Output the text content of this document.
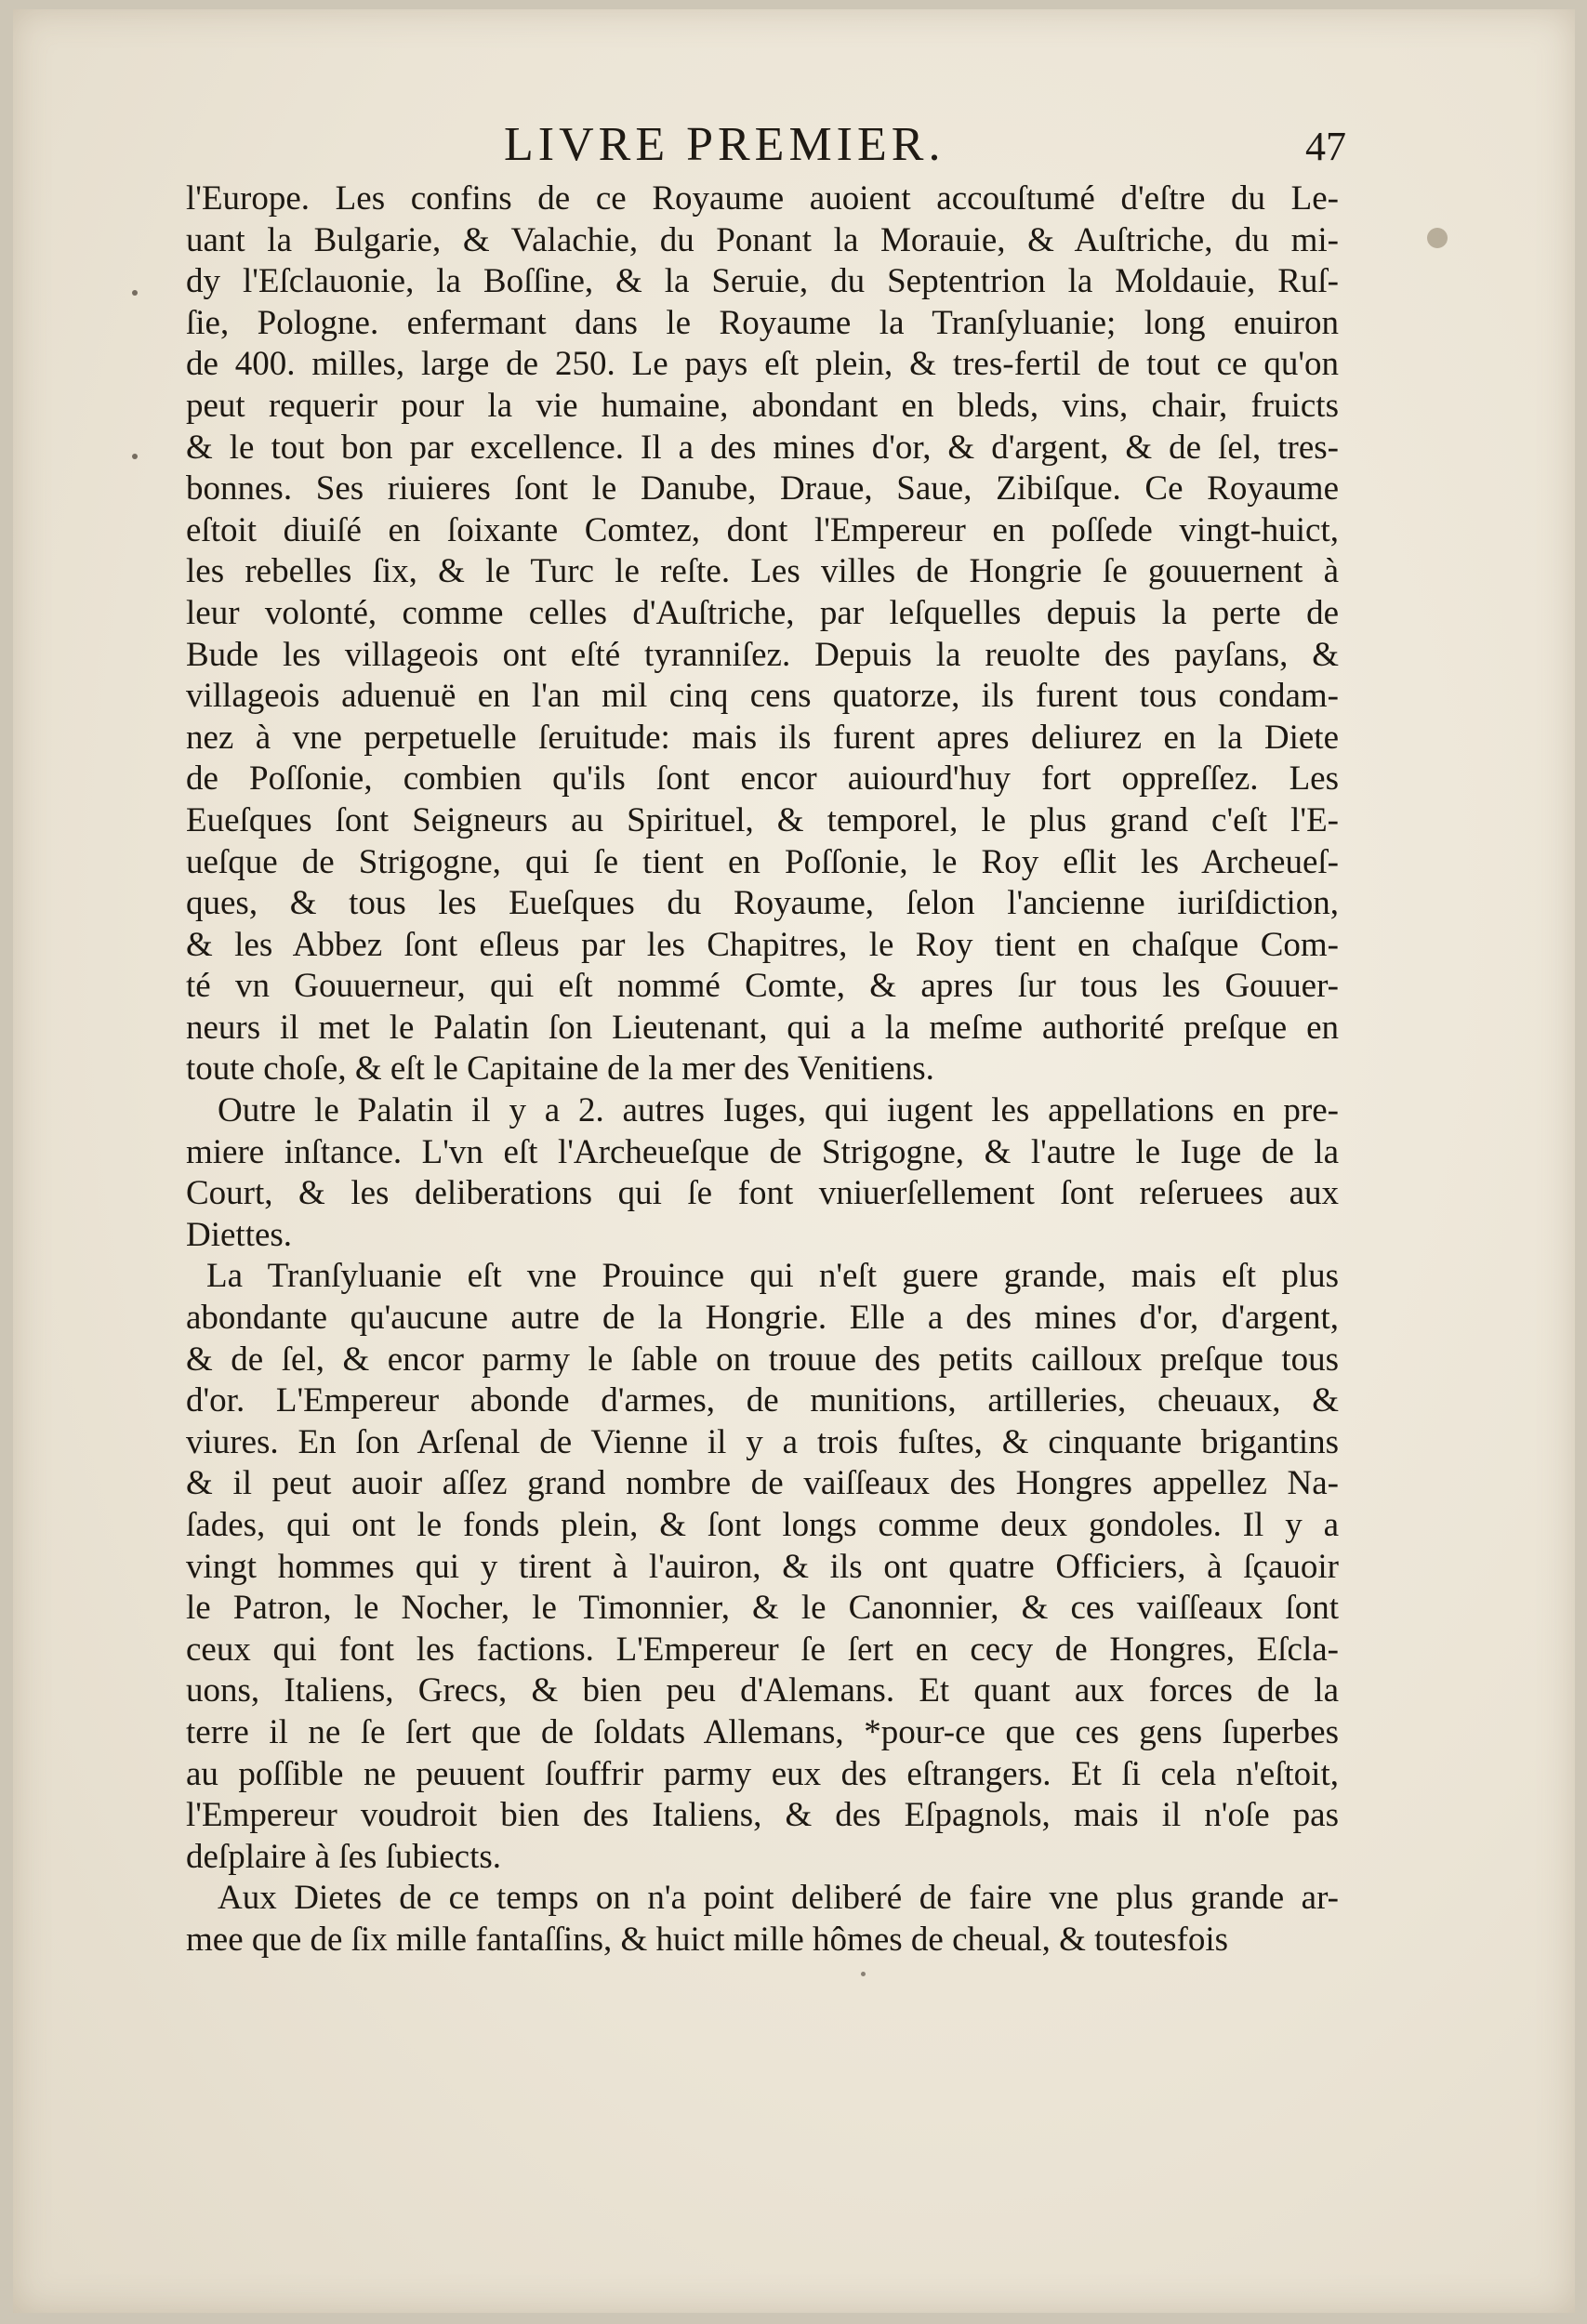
LIVRE PREMIER.	47
l'Europe. Les confins de ce Royaume auoient accouſtumé d'eſtre du Le-
uant la Bulgarie, & Valachie, du Ponant la Morauie, & Auſtriche, du mi-
dy l'Eſclauonie, la Boſſine, & la Seruie, du Septentrion la Moldauie, Ruſ-
ſie, Pologne. enfermant dans le Royaume la Tranſyluanie; long enuiron
de 400. milles, large de 250. Le pays eſt plein, & tres-fertil de tout ce qu'on
peut requerir pour la vie humaine, abondant en bleds, vins, chair, fruicts
& le tout bon par excellence. Il a des mines d'or, & d'argent, & de ſel, tres-
bonnes. Ses riuieres ſont le Danube, Draue, Saue, Zibiſque. Ce Royaume
eſtoit diuiſé en ſoixante Comtez, dont l'Empereur en poſſede vingt-huict,
les rebelles ſix, & le Turc le reſte. Les villes de Hongrie ſe gouuernent à
leur volonté, comme celles d'Auſtriche, par leſquelles depuis la perte de
Bude les villageois ont eſté tyranniſez. Depuis la reuolte des payſans, &
villageois aduenuë en l'an mil cinq cens quatorze, ils furent tous condam-
nez à vne perpetuelle ſeruitude: mais ils furent apres deliurez en la Diete
de Poſſonie, combien qu'ils ſont encor auiourd'huy fort oppreſſez. Les
Eueſques ſont Seigneurs au Spirituel, & temporel, le plus grand c'eſt l'E-
ueſque de Strigogne, qui ſe tient en Poſſonie, le Roy eſlit les Archeueſ-
ques, & tous les Eueſques du Royaume, ſelon l'ancienne iuriſdiction,
& les Abbez ſont eſleus par les Chapitres, le Roy tient en chaſque Com-
té vn Gouuerneur, qui eſt nommé Comte, & apres ſur tous les Gouuer-
neurs il met le Palatin ſon Lieutenant, qui a la meſme authorité preſque en
toute choſe, & eſt le Capitaine de la mer des Venitiens.
Outre le Palatin il y a 2. autres Iuges, qui iugent les appellations en pre-
miere inſtance. L'vn eſt l'Archeueſque de Strigogne, & l'autre le Iuge de la
Court, & les deliberations qui ſe font vniuerſellement ſont reſeruees aux
Diettes.
La Tranſyluanie eſt vne Prouince qui n'eſt guere grande, mais eſt plus
abondante qu'aucune autre de la Hongrie. Elle a des mines d'or, d'argent,
& de ſel, & encor parmy le ſable on trouue des petits cailloux preſque tous
d'or. L'Empereur abonde d'armes, de munitions, artilleries, cheuaux, &
viures. En ſon Arſenal de Vienne il y a trois fuſtes, & cinquante brigantins
& il peut auoir aſſez grand nombre de vaiſſeaux des Hongres appellez Na-
ſades, qui ont le fonds plein, & ſont longs comme deux gondoles. Il y a
vingt hommes qui y tirent à l'auiron, & ils ont quatre Officiers, à ſçauoir
le Patron, le Nocher, le Timonnier, & le Canonnier, & ces vaiſſeaux ſont
ceux qui font les factions. L'Empereur ſe ſert en cecy de Hongres, Eſcla-
uons, Italiens, Grecs, & bien peu d'Alemans. Et quant aux forces de la
terre il ne ſe ſert que de ſoldats Allemans, *pour-ce que ces gens ſuperbes
au poſſible ne peuuent ſouffrir parmy eux des eſtrangers. Et ſi cela n'eſtoit,
l'Empereur voudroit bien des Italiens, & des Eſpagnols, mais il n'oſe pas
deſplaire à ſes ſubiects.
Aux Dietes de ce temps on n'a point deliberé de faire vne plus grande ar-
mee que de ſix mille fantaſſins, & huict mille hômes de cheual, & toutesfois
